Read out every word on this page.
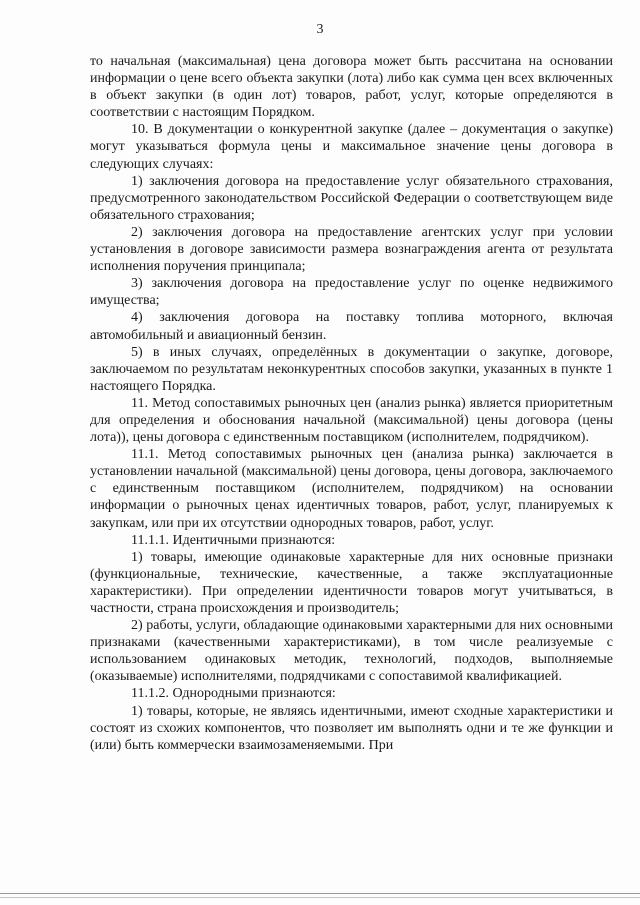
3

то начальная (максимальная) цена договора может быть рассчитана на основании информации о цене всего объекта закупки (лота) либо как сумма цен всех включенных в объект закупки (в один лот) товаров, работ, услуг, которые определяются в соответствии с настоящим Порядком.

10. В документации о конкурентной закупке (далее – документация о закупке) могут указываться формула цены и максимальное значение цены договора в следующих случаях:

1) заключения договора на предоставление услуг обязательного страхования, предусмотренного законодательством Российской Федерации о соответствующем виде обязательного страхования;

2) заключения договора на предоставление агентских услуг при условии установления в договоре зависимости размера вознаграждения агента от результата исполнения поручения принципала;

3) заключения договора на предоставление услуг по оценке недвижимого имущества;

4) заключения договора на поставку топлива моторного, включая автомобильный и авиационный бензин.

5) в иных случаях, определённых в документации о закупке, договоре, заключаемом по результатам неконкурентных способов закупки, указанных в пункте 1 настоящего Порядка.

11. Метод сопоставимых рыночных цен (анализ рынка) является приоритетным для определения и обоснования начальной (максимальной) цены договора (цены лота)), цены договора с единственным поставщиком (исполнителем, подрядчиком).

11.1. Метод сопоставимых рыночных цен (анализа рынка) заключается в установлении начальной (максимальной) цены договора, цены договора, заключаемого с единственным поставщиком (исполнителем, подрядчиком) на основании информации о рыночных ценах идентичных товаров, работ, услуг, планируемых к закупкам, или при их отсутствии однородных товаров, работ, услуг.

11.1.1. Идентичными признаются:

1) товары, имеющие одинаковые характерные для них основные признаки (функциональные, технические, качественные, а также эксплуатационные характеристики). При определении идентичности товаров могут учитываться, в частности, страна происхождения и производитель;

2) работы, услуги, обладающие одинаковыми характерными для них основными признаками (качественными характеристиками), в том числе реализуемые с использованием одинаковых методик, технологий, подходов, выполняемые (оказываемые) исполнителями, подрядчиками с сопоставимой квалификацией.

11.1.2. Однородными признаются:

1) товары, которые, не являясь идентичными, имеют сходные характеристики и состоят из схожих компонентов, что позволяет им выполнять одни и те же функции и (или) быть коммерчески взаимозаменяемыми. При
